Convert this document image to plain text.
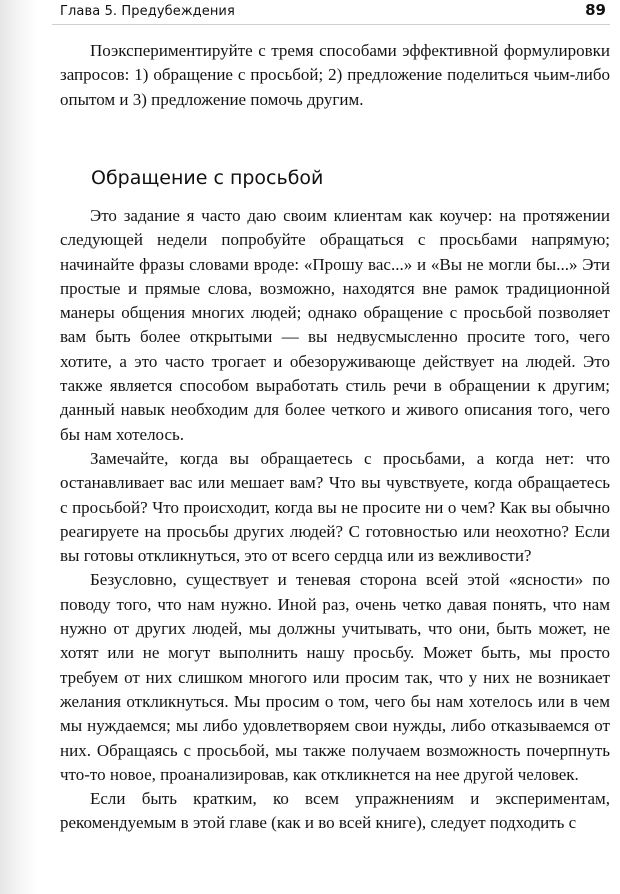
Глава 5. Предубеждения	89

Поэкспериментируйте с тремя способами эффективной формулировки запросов: 1) обращение с просьбой; 2) предложение поделиться чьим-либо опытом и 3) предложение помочь другим.

Обращение с просьбой

Это задание я часто даю своим клиентам как коучер: на протяжении следующей недели попробуйте обращаться с просьбами напрямую; начинайте фразы словами вроде: «Прошу вас...» и «Вы не могли бы...» Эти простые и прямые слова, возможно, находятся вне рамок традиционной манеры общения многих людей; однако обращение с просьбой позволяет вам быть более открытыми — вы недвусмысленно просите того, чего хотите, а это часто трогает и обезоруживающе действует на людей. Это также является способом выработать стиль речи в обращении к другим; данный навык необходим для более четкого и живого описания того, чего бы нам хотелось.

Замечайте, когда вы обращаетесь с просьбами, а когда нет: что останавливает вас или мешает вам? Что вы чувствуете, когда обращаетесь с просьбой? Что происходит, когда вы не просите ни о чем? Как вы обычно реагируете на просьбы других людей? С готовностью или неохотно? Если вы готовы откликнуться, это от всего сердца или из вежливости?

Безусловно, существует и теневая сторона всей этой «ясности» по поводу того, что нам нужно. Иной раз, очень четко давая понять, что нам нужно от других людей, мы должны учитывать, что они, быть может, не хотят или не могут выполнить нашу просьбу. Может быть, мы просто требуем от них слишком многого или просим так, что у них не возникает желания откликнуться. Мы просим о том, чего бы нам хотелось или в чем мы нуждаемся; мы либо удовлетворяем свои нужды, либо отказываемся от них. Обращаясь с просьбой, мы также получаем возможность почерпнуть что-то новое, проанализировав, как откликнется на нее другой человек.

Если быть кратким, ко всем упражнениям и экспериментам, рекомендуемым в этой главе (как и во всей книге), следует подходить с
